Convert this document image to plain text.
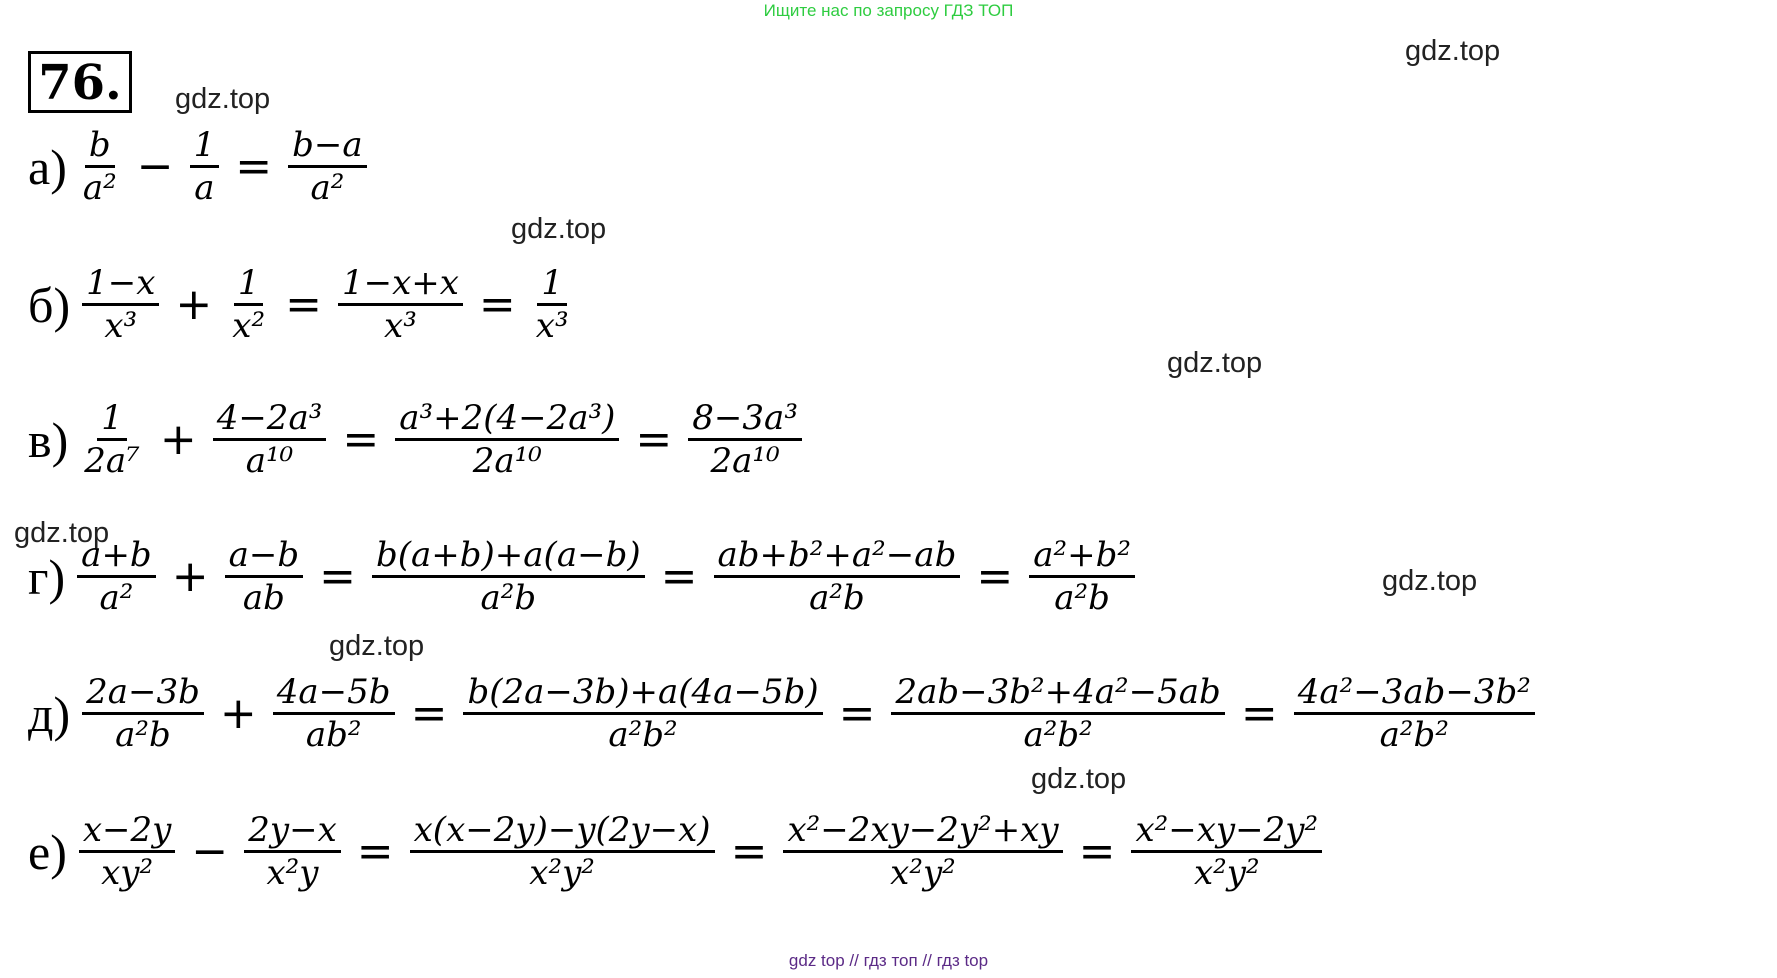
Ищите нас по запросу ГДЗ ТОП
76.	gdz.top
gdz.top
gdz.top
gdz.top
gdz.top
gdz.top
gdz.top
gdz.top
$а) \frac{b}{\text{a²}} - \frac{1}{a} = \frac{b-a}{\text{a²}}$
$б) \frac{1-x}{\text{x³}} + \frac{1}{\text{x²}} = \frac{1-x+x}{\text{x³}} = \frac{1}{\text{x³}}$
$в) \frac{1}{\text{2a⁷}} + \frac{\text{4−2a³}}{\text{a¹⁰}} = \frac{\text{a³+2(4−2a³)}}{\text{2a¹⁰}} = \frac{\text{8−3a³}}{\text{2a¹⁰}}$
$г) \frac{a+b}{\text{a²}} + \frac{a-b}{ab} = \frac{b(a+b)+a(a-b)}{\text{a²b}} = \frac{\text{ab+b²+a²−ab}}{\text{a²b}} = \frac{\text{a²+b²}}{\text{a²b}}$
$д) \frac{2a-3b}{\text{a²b}} + \frac{4a-5b}{\text{ab²}} = \frac{b(2a-3b)+a(4a-5b)}{\text{a²b²}} = \frac{\text{2ab−3b²+4a²−5ab}}{\text{a²b²}} = \frac{\text{4a²−3ab−3b²}}{\text{a²b²}}$
$е) \frac{x-2y}{\text{xy²}} - \frac{2y-x}{\text{x²y}} = \frac{x(x-2y)-y(2y-x)}{\text{x²y²}} = \frac{\text{x²−2xy−2y²+xy}}{\text{x²y²}} = \frac{\text{x²−xy−2y²}}{\text{x²y²}}$
gdz top // гдз топ // гдз top
